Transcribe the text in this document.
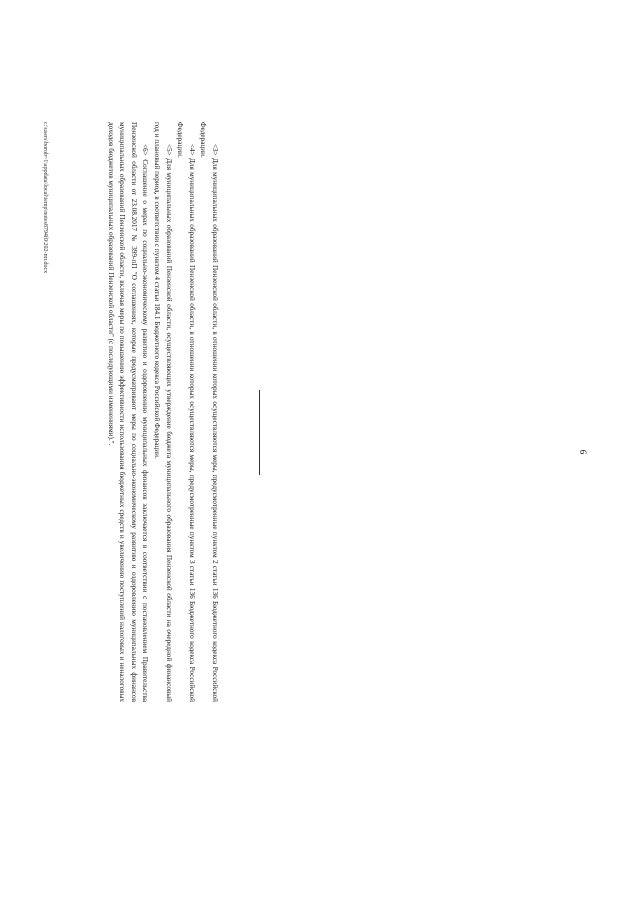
6

<3> Для муниципальных образований Пензенской области, в отношении которых осуществляются меры, предусмотренные пунктом 2 статьи 136 Бюджетного кодекса Российской Федерации.

<4> Для муниципальных образований Пензенской области, в отношении которых осуществляются меры, предусмотренные пунктом 3 статьи 136 Бюджетного кодекса Российской Федерации.

<5> Для муниципальных образований Пензенской области, осуществляющих утверждение бюджета муниципального образования Пензенской области на очередной финансовый год и плановый период, в соответствии с пунктом 4 статьи 184.1 Бюджетного кодекса Российской Федерации.

<6> Соглашение о мерах по социально-экономическому развитию и оздоровлению муниципальных финансов заключается в соответствии с постановлением Правительства Пензенской области от 23.08.2017 № 399-пП "О соглашениях, которые предусматривают меры по социально-экономическому развитию и оздоровлению муниципальных финансов муниципальных образований Пензенской области, включая меры по повышению эффективности использования бюджетных средств и увеличению поступлений налоговых и неналоговых доходов бюджетов муниципальных образований Пензенской области" (с последующими изменениями).".

c:\users\borob~1\appdata\local\temp\notes8794f0\202-пп.docx
